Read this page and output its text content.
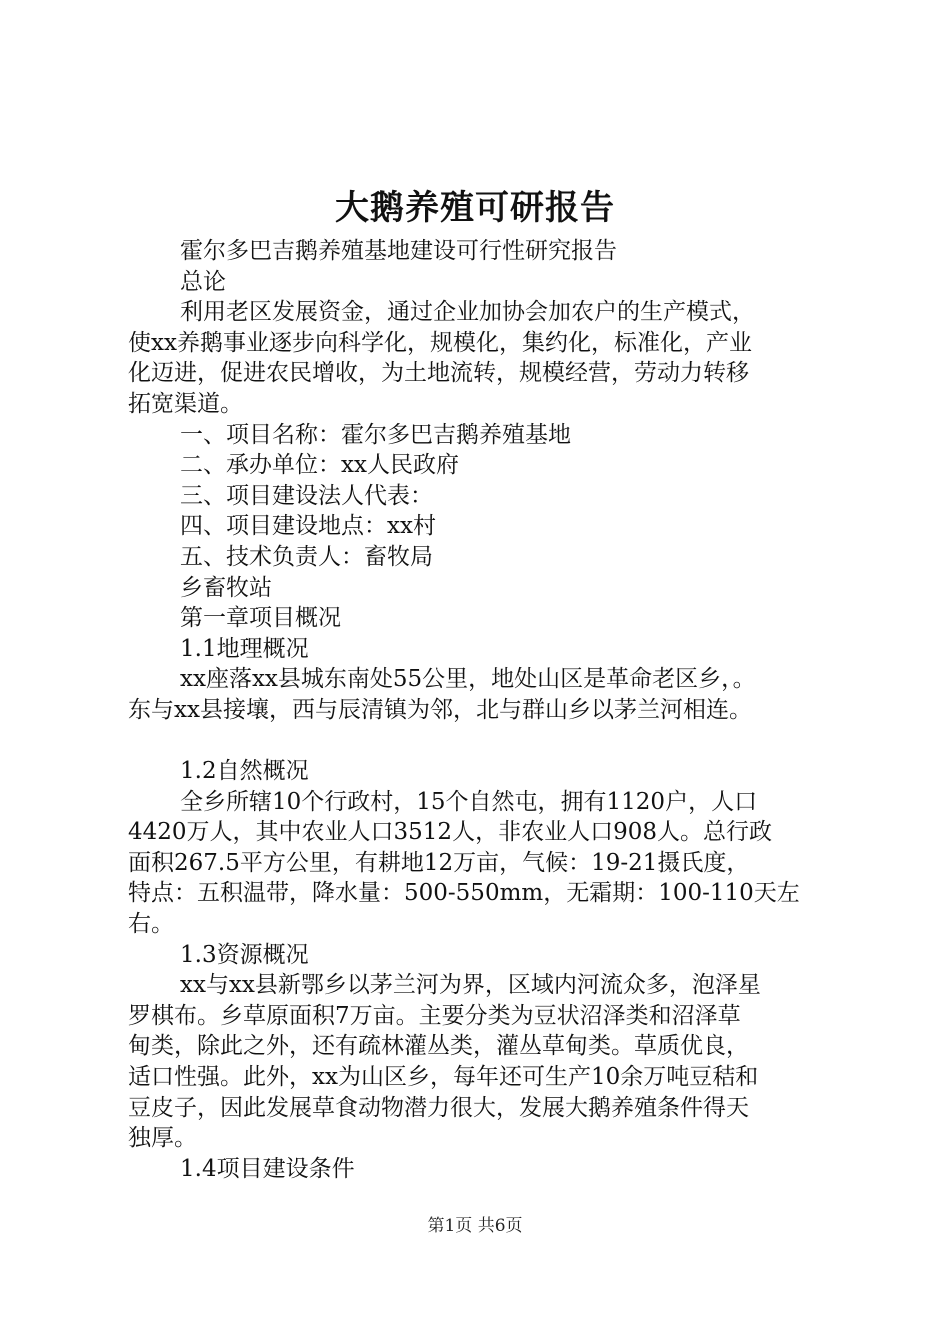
大鹅养殖可研报告
霍尔多巴吉鹅养殖基地建设可行性研究报告
总论
利用老区发展资金，通过企业加协会加农户的生产模式，
使xx养鹅事业逐步向科学化，规模化，集约化，标准化，产业
化迈进，促进农民增收，为土地流转，规模经营，劳动力转移
拓宽渠道。
一、项目名称：霍尔多巴吉鹅养殖基地
二、承办单位：xx人民政府
三、项目建设法人代表：
四、项目建设地点：xx村
五、技术负责人：畜牧局
乡畜牧站
第一章项目概况
1.1地理概况
xx座落xx县城东南处55公里，地处山区是革命老区乡，。
东与xx县接壤，西与辰清镇为邻，北与群山乡以茅兰河相连。
1.2自然概况
全乡所辖10个行政村，15个自然屯，拥有1120户，人口
4420万人，其中农业人口3512人，非农业人口908人。总行政
面积267.5平方公里，有耕地12万亩，气候：19-21摄氏度，
特点：五积温带，降水量：500-550mm，无霜期：100-110天左
右。
1.3资源概况
xx与xx县新鄂乡以茅兰河为界，区域内河流众多，泡泽星
罗棋布。乡草原面积7万亩。主要分类为豆状沼泽类和沼泽草
甸类，除此之外，还有疏林灌丛类，灌丛草甸类。草质优良，
适口性强。此外，xx为山区乡，每年还可生产10余万吨豆秸和
豆皮子，因此发展草食动物潜力很大，发展大鹅养殖条件得天
独厚。
1.4项目建设条件
第1页 共6页
